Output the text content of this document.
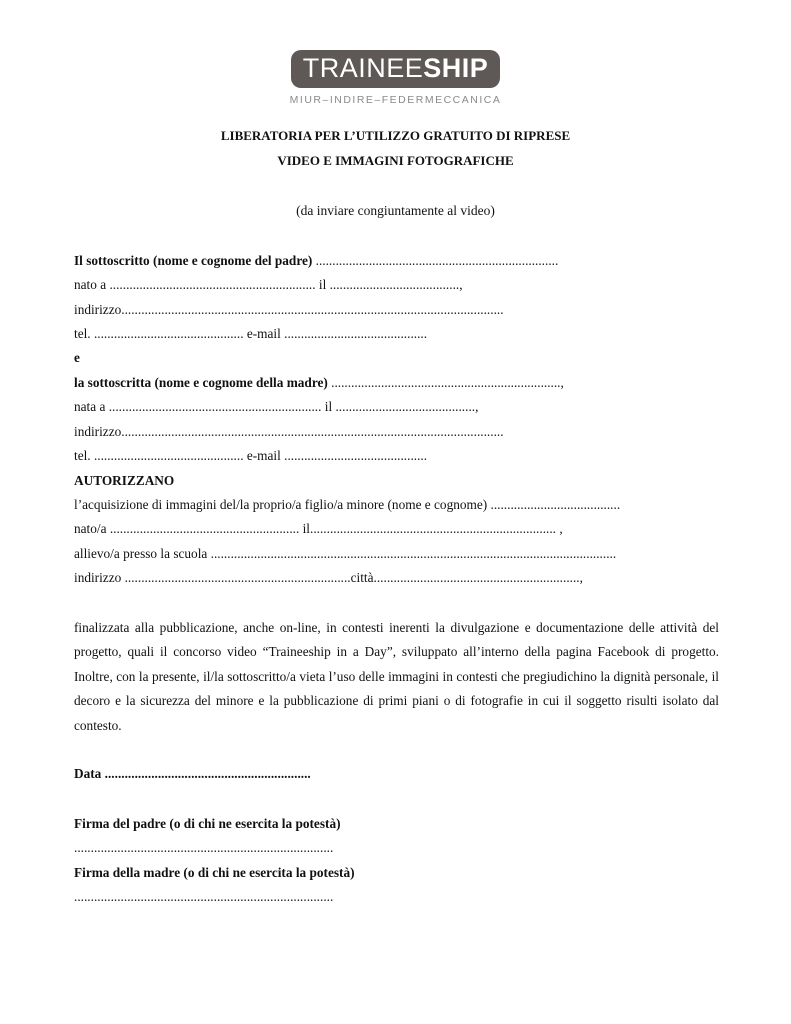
TRAINEESHIP
MIUR–INDIRE–FEDERMECCANICA
LIBERATORIA PER L’UTILIZZO GRATUITO DI RIPRESE
VIDEO E IMMAGINI FOTOGRAFICHE
(da inviare congiuntamente al video)
Il sottoscritto (nome e cognome del padre) .........................................................................
nato a .............................................................. il .......................................,
indirizzo...................................................................................................................
tel. ............................................. e-mail ...........................................
e
la sottoscritta (nome e cognome della madre) .....................................................................,
nata a ................................................................ il ..........................................,
indirizzo...................................................................................................................
tel. ............................................. e-mail ...........................................
AUTORIZZANO
l’acquisizione di immagini del/la proprio/a figlio/a minore (nome e cognome) .......................................
nato/a ......................................................... il.......................................................................... ,
allievo/a presso la scuola ..........................................................................................................................
indirizzo ....................................................................città..............................................................,
finalizzata alla pubblicazione, anche on-line, in contesti inerenti la divulgazione e documentazione delle attività del progetto, quali il concorso video “Traineeship in a Day”, sviluppato all’interno della pagina Facebook di progetto. Inoltre, con la presente, il/la sottoscritto/a vieta l’uso delle immagini in contesti che pregiudichino la dignità personale, il decoro e la sicurezza del minore e la pubblicazione di primi piani o di fotografie in cui il soggetto risulti isolato dal contesto.
Data ..............................................................
Firma del padre (o di chi ne esercita la potestà)
..............................................................................
Firma della madre (o di chi ne esercita la potestà)
..............................................................................
